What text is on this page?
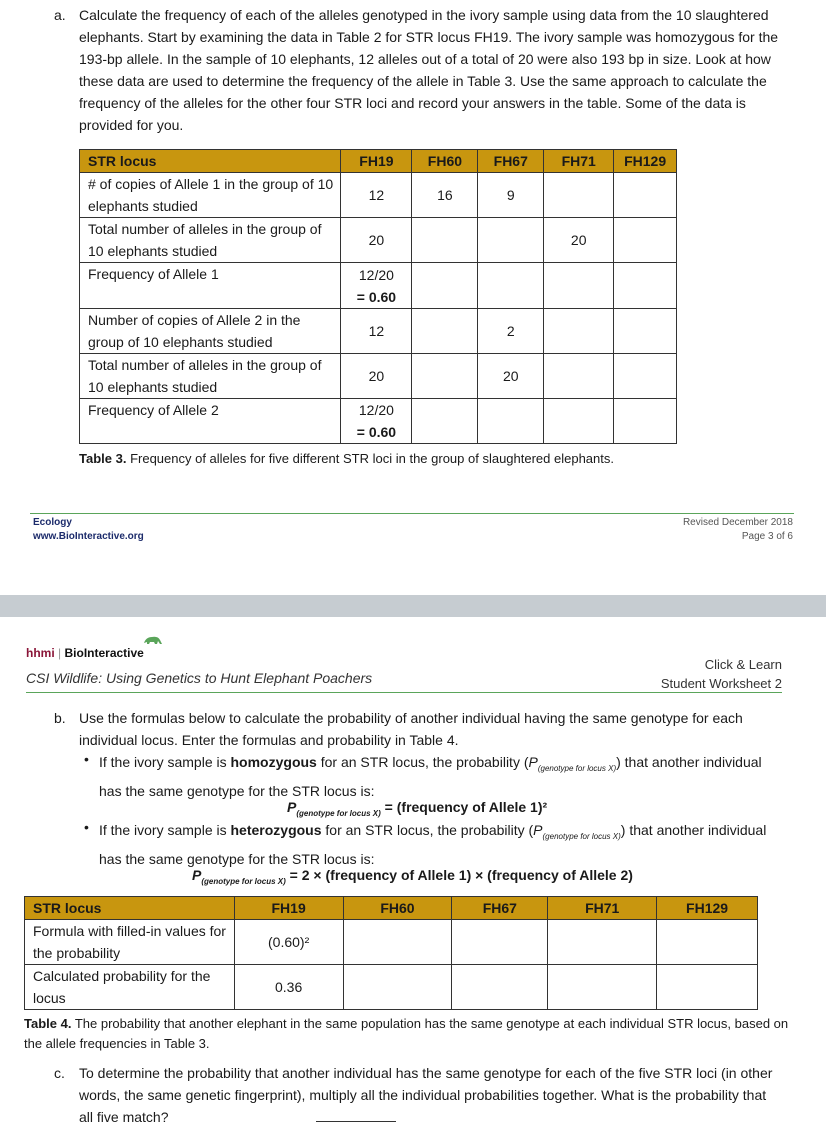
a. Calculate the frequency of each of the alleles genotyped in the ivory sample using data from the 10 slaughtered elephants. Start by examining the data in Table 2 for STR locus FH19. The ivory sample was homozygous for the 193-bp allele. In the sample of 10 elephants, 12 alleles out of a total of 20 were also 193 bp in size. Look at how these data are used to determine the frequency of the allele in Table 3. Use the same approach to calculate the frequency of the alleles for the other four STR loci and record your answers in the table. Some of the data is provided for you.
STR locus	FH19	FH60	FH67	FH71	FH129
# of copies of Allele 1 in the group of 10 elephants studied	12	16	9		
Total number of alleles in the group of 10 elephants studied	20			20	
Frequency of Allele 1	12/20
= 0.60				

Number of copies of Allele 2 in the group of 10 elephants studied	12		2		
Total number of alleles in the group of 10 elephants studied	20		20		
Frequency of Allele 2	12/20
= 0.60				

Table 3. Frequency of alleles for five different STR loci in the group of slaughtered elephants.
Ecology
www.BioInteractive.org
Revised December 2018
Page 3 of 6
hhmi | BioInteractive
CSI Wildlife: Using Genetics to Hunt Elephant Poachers
Click & Learn
Student Worksheet 2
b. Use the formulas below to calculate the probability of another individual having the same genotype for each individual locus. Enter the formulas and probability in Table 4.
• If the ivory sample is homozygous for an STR locus, the probability $(P_{(genotype for locus X)})$ that another individual has the same genotype for the STR locus is:
$P_{(genotype for locus X)}$ = (frequency of Allele 1)²
• If the ivory sample is heterozygous for an STR locus, the probability $(P_{(genotype for locus X)})$ that another individual has the same genotype for the STR locus is:
$P_{(genotype for locus X)} = 2$ × (frequency of Allele 1) × (frequency of Allele 2)
STR locus	FH19	FH60	FH67	FH71	FH129
Formula with filled-in values for the probability	(0.60)²				
Calculated probability for the locus	0.36				
Table 4. The probability that another elephant in the same population has the same genotype at each individual STR locus, based on the allele frequencies in Table 3.
c. To determine the probability that another individual has the same genotype for each of the five STR loci (in other words, the same genetic fingerprint), multiply all the individual probabilities together. What is the probability that all five match?
